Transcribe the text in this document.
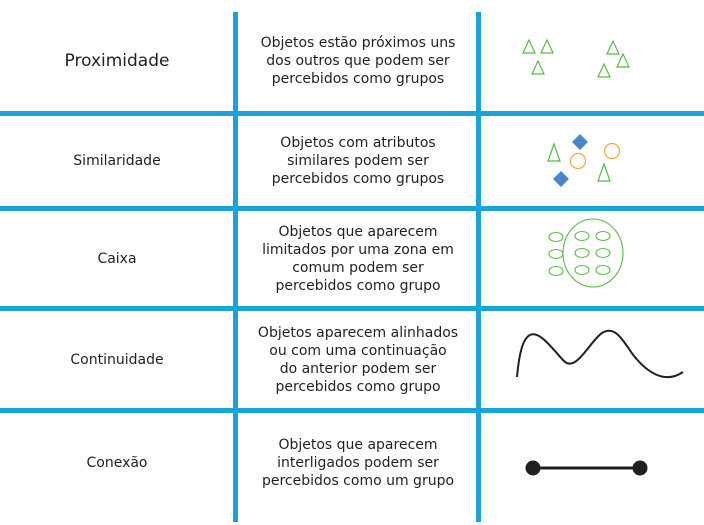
Proximidade
Objetos estão próximos uns
dos outros que podem ser
percebidos como grupos
Similaridade
Objetos com atributos
similares podem ser
percebidos como grupos
Caixa
Objetos que aparecem
limitados por uma zona em
comum podem ser
percebidos como grupo
Continuidade
Objetos aparecem alinhados
ou com uma continuação
do anterior podem ser
percebidos como grupo
Conexão
Objetos que aparecem
interligados podem ser
percebidos como um grupo
